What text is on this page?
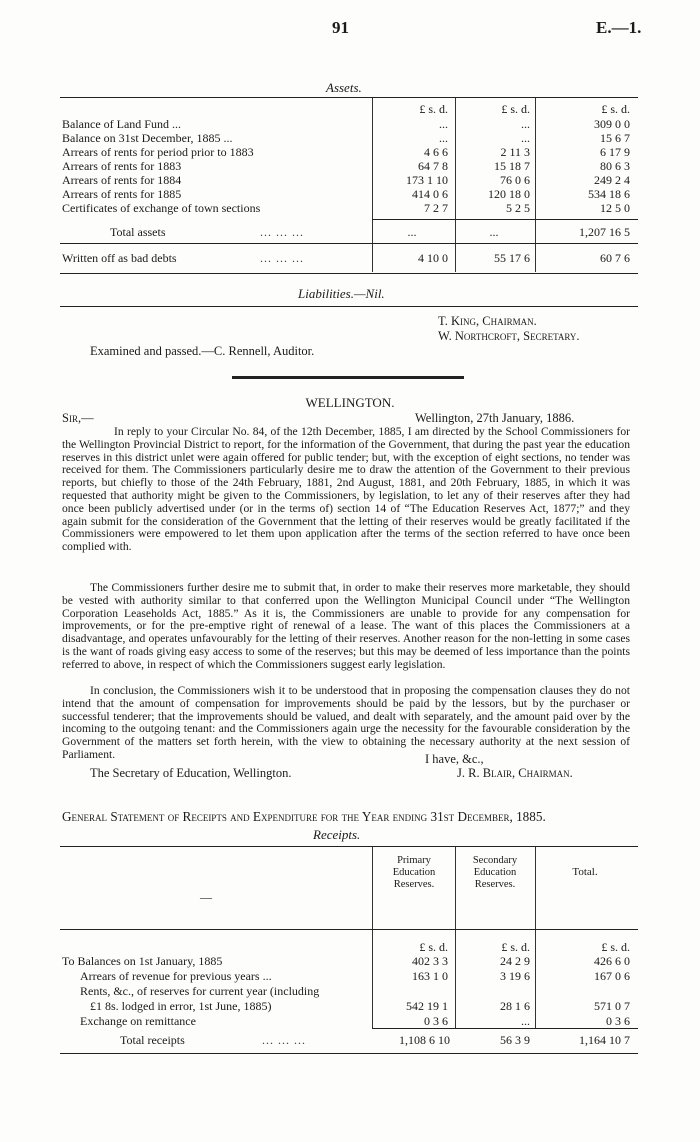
91	E.—1.
Assets.
£ s. d.	£ s. d.	£ s. d.
Balance of Land Fund ...	...	...	309 0 0
Balance on 31st December, 1885 ...	...	...	15 6 7
Arrears of rents for period prior to 1883	4 6 6	2 11 3	6 17 9
Arrears of rents for 1883	64 7 8	15 18 7	80 6 3
Arrears of rents for 1884	173 1 10	76 0 6	249 2 4
Arrears of rents for 1885	414 0 6	120 18 0	534 18 6
Certificates of exchange of town sections	7 2 7	5 2 5	12 5 0
Total assets	... ... ...	...	...	1,207 16 5
Written off as bad debts	... ... ...	4 10 0	55 17 6	60 7 6
Liabilities.—Nil.
T. King, Chairman.
W. Northcroft, Secretary.
Examined and passed.—C. Rennell, Auditor.
WELLINGTON.
Sir,—	Wellington, 27th January, 1886.
In reply to your Circular No. 84, of the 12th December, 1885, I am directed by the School Commissioners for the Wellington Provincial District to report, for the information of the Government, that during the past year the education reserves in this district unlet were again offered for public tender; but, with the exception of eight sections, no tender was received for them. The Commissioners particularly desire me to draw the attention of the Government to their previous reports, but chiefly to those of the 24th February, 1881, 2nd August, 1881, and 20th February, 1885, in which it was requested that authority might be given to the Commissioners, by legislation, to let any of their reserves after they had once been publicly advertised under (or in the terms of) section 14 of “The Education Reserves Act, 1877;” and they again submit for the consideration of the Government that the letting of their reserves would be greatly facilitated if the Commissioners were empowered to let them upon application after the terms of the section referred to have once been complied with.
The Commissioners further desire me to submit that, in order to make their reserves more marketable, they should be vested with authority similar to that conferred upon the Wellington Municipal Council under “The Wellington Corporation Leaseholds Act, 1885.” As it is, the Commissioners are unable to provide for any compensation for improvements, or for the pre-emptive right of renewal of a lease. The want of this places the Commissioners at a disadvantage, and operates unfavourably for the letting of their reserves. Another reason for the non-letting in some cases is the want of roads giving easy access to some of the reserves; but this may be deemed of less importance than the points referred to above, in respect of which the Commissioners suggest early legislation.
In conclusion, the Commissioners wish it to be understood that in proposing the compensation clauses they do not intend that the amount of compensation for improvements should be paid by the lessors, but by the purchaser or successful tenderer; that the improvements should be valued, and dealt with separately, and the amount paid over by the incoming to the outgoing tenant: and the Commissioners again urge the necessity for the favourable consideration by the Government of the matters set forth herein, with the view to obtaining the necessary authority at the next session of Parliament.	I have, &c.,
The Secretary of Education, Wellington.	J. R. Blair, Chairman.
General Statement of Receipts and Expenditure for the Year ending 31st December, 1885.
Receipts.
—
Primary Education Reserves.
Secondary Education Reserves.
Total.
£ s. d.	£ s. d.	£ s. d.
To Balances on 1st January, 1885	402 3 3	24 2 9	426 6 0
Arrears of revenue for previous years ...	163 1 0	3 19 6	167 0 6
Rents, &c., of reserves for current year (including
£1 8s. lodged in error, 1st June, 1885)	542 19 1	28 1 6	571 0 7
Exchange on remittance	0 3 6	...	0 3 6
Total receipts	... ... ...	1,108 6 10	56 3 9	1,164 10 7
